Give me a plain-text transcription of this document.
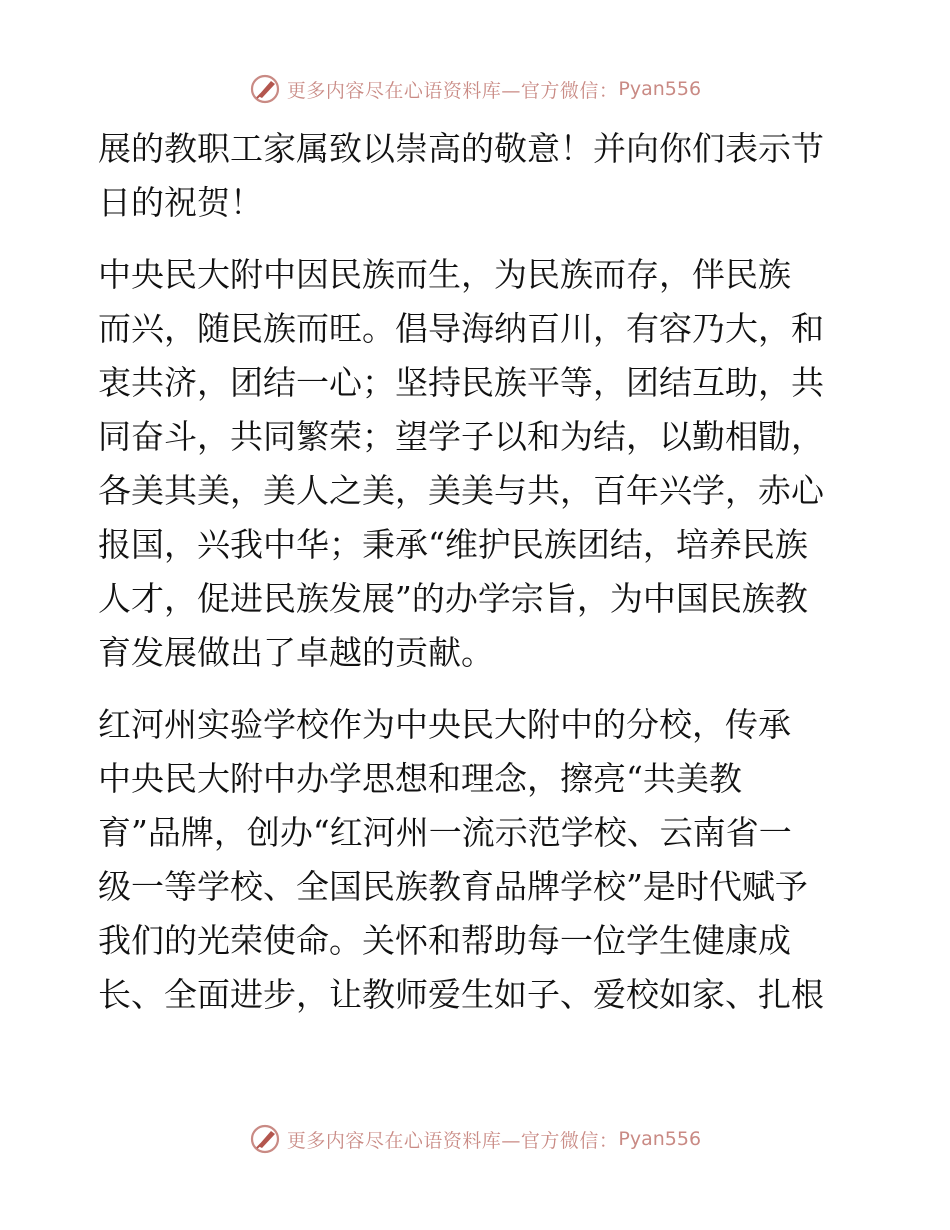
更多内容尽在心语资料库—官方微信： Pyan556
展的教职工家属致以崇高的敬意！并向你们表示节
日的祝贺！
中央民大附中因民族而生，为民族而存，伴民族
而兴，随民族而旺。倡导海纳百川，有容乃大，和
衷共济，团结一心；坚持民族平等，团结互助，共
同奋斗，共同繁荣；望学子以和为结，以勤相勖，
各美其美，美人之美，美美与共，百年兴学，赤心
报国，兴我中华；秉承“维护民族团结，培养民族
人才，促进民族发展”的办学宗旨，为中国民族教
育发展做出了卓越的贡献。
红河州实验学校作为中央民大附中的分校，传承
中央民大附中办学思想和理念，擦亮“共美教
育”品牌，创办“红河州一流示范学校、云南省一
级一等学校、全国民族教育品牌学校”是时代赋予
我们的光荣使命。关怀和帮助每一位学生健康成
长、全面进步，让教师爱生如子、爱校如家、扎根
更多内容尽在心语资料库—官方微信： Pyan556
